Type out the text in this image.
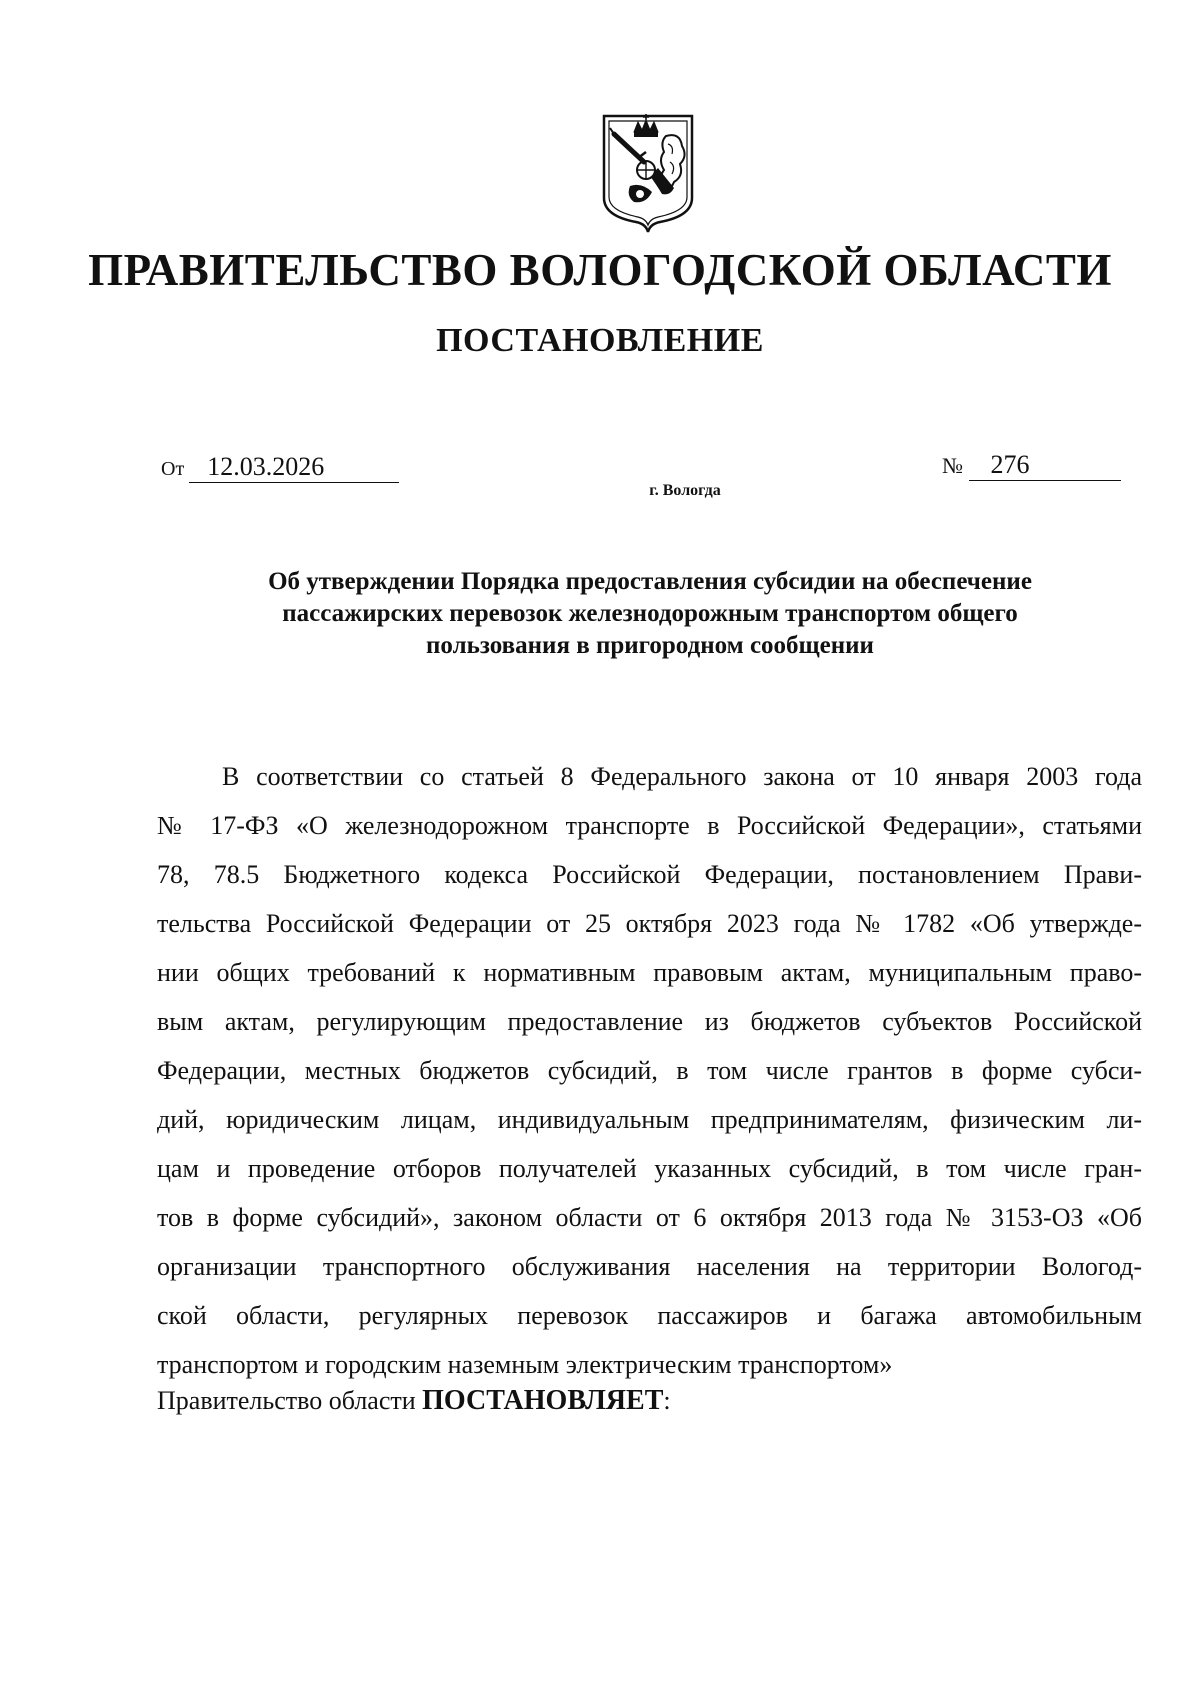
ПРАВИТЕЛЬСТВО ВОЛОГОДСКОЙ ОБЛАСТИ
ПОСТАНОВЛЕНИЕ
От 12.03.2026	№ 276
г. Вологда
Об утверждении Порядка предоставления субсидии на обеспечение
пассажирских перевозок железнодорожным транспортом общего
пользования в пригородном сообщении
В соответствии со статьей 8 Федерального закона от 10 января 2003 года
№ 17-ФЗ «О железнодорожном транспорте в Российской Федерации», статьями
78, 78.5 Бюджетного кодекса Российской Федерации, постановлением Прави-
тельства Российской Федерации от 25 октября 2023 года № 1782 «Об утвержде-
нии общих требований к нормативным правовым актам, муниципальным право-
вым актам, регулирующим предоставление из бюджетов субъектов Российской
Федерации, местных бюджетов субсидий, в том числе грантов в форме субси-
дий, юридическим лицам, индивидуальным предпринимателям, физическим ли-
цам и проведение отборов получателей указанных субсидий, в том числе гран-
тов в форме субсидий», законом области от 6 октября 2013 года № 3153-ОЗ «Об
организации транспортного обслуживания населения на территории Вологод-
ской области, регулярных перевозок пассажиров и багажа автомобильным
транспортом и городским наземным электрическим транспортом»
Правительство области ПОСТАНОВЛЯЕТ:
